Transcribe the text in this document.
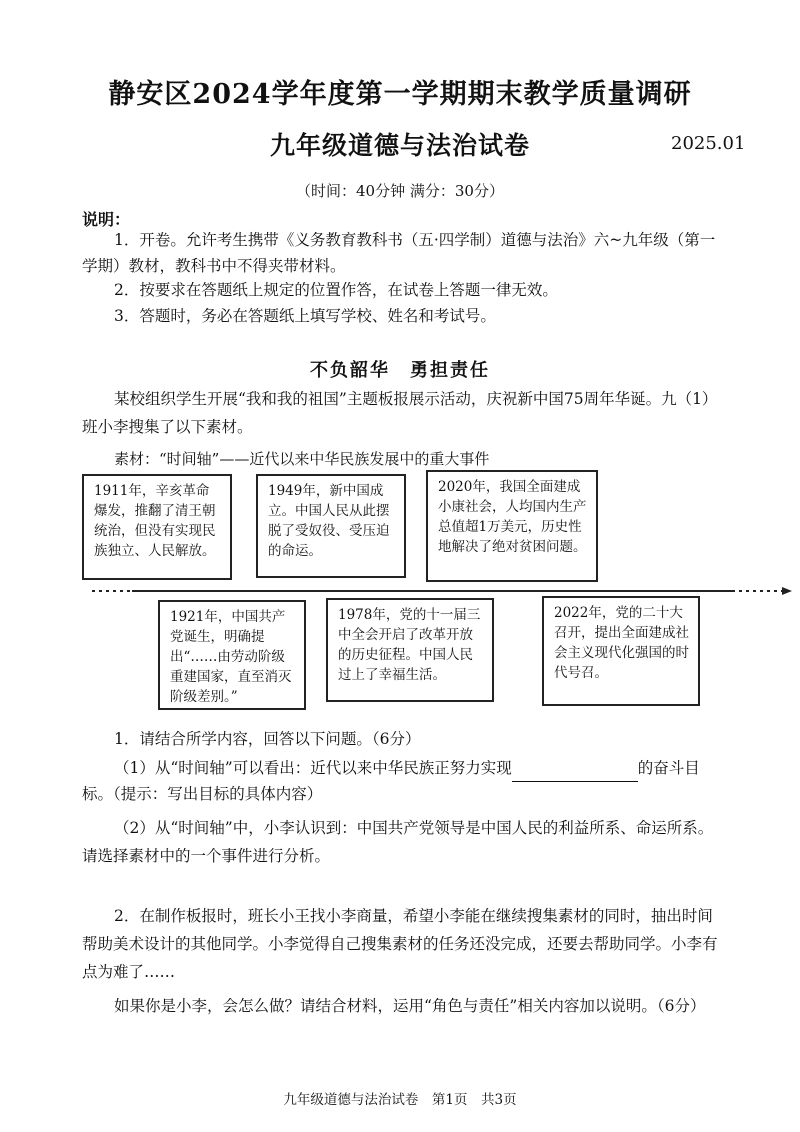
静安区2024学年度第一学期期末教学质量调研
九年级道德与法治试卷	2025.01
（时间：40分钟 满分：30分）
说明：
1．开卷。允许考生携带《义务教育教科书（五·四学制）道德与法治》六~九年级（第一学期）教材，教科书中不得夹带材料。
2．按要求在答题纸上规定的位置作答，在试卷上答题一律无效。
3．答题时，务必在答题纸上填写学校、姓名和考试号。
不负韶华　勇担责任
某校组织学生开展“我和我的祖国”主题板报展示活动，庆祝新中国75周年华诞。九（1）班小李搜集了以下素材。
素材：“时间轴”——近代以来中华民族发展中的重大事件
1911年，辛亥革命爆发，推翻了清王朝统治，但没有实现民族独立、人民解放。
1949年，新中国成立。中国人民从此摆脱了受奴役、受压迫的命运。
2020年，我国全面建成小康社会，人均国内生产总值超1万美元，历史性地解决了绝对贫困问题。
1921年，中国共产党诞生，明确提出“……由劳动阶级重建国家，直至消灭阶级差别。”
1978年，党的十一届三中全会开启了改革开放的历史征程。中国人民过上了幸福生活。
2022年，党的二十大召开，提出全面建成社会主义现代化强国的时代号召。
1．请结合所学内容，回答以下问题。（6分）
（1）从“时间轴”可以看出：近代以来中华民族正努力实现	的奋斗目
标。（提示：写出目标的具体内容）
（2）从“时间轴”中，小李认识到：中国共产党领导是中国人民的利益所系、命运所系。请选择素材中的一个事件进行分析。
2．在制作板报时，班长小王找小李商量，希望小李能在继续搜集素材的同时，抽出时间帮助美术设计的其他同学。小李觉得自己搜集素材的任务还没完成，还要去帮助同学。小李有点为难了……
如果你是小李，会怎么做？请结合材料，运用“角色与责任”相关内容加以说明。（6分）
九年级道德与法治试卷　第1页　共3页
